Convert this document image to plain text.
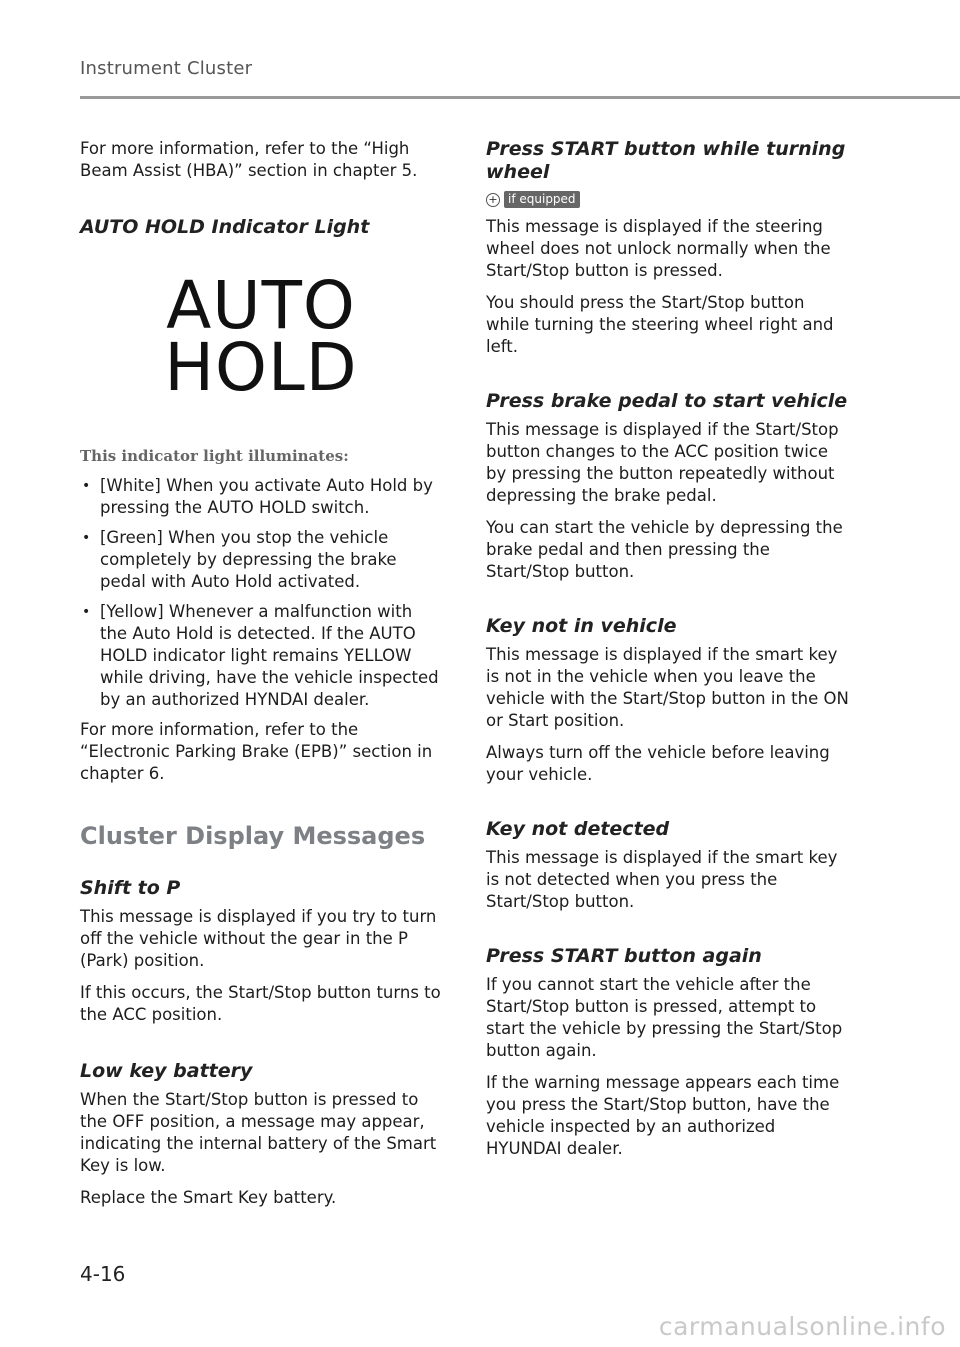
Instrument Cluster

For more information, refer to the “High Beam Assist (HBA)” section in chapter 5.

AUTO HOLD Indicator Light
AUTO
HOLD
This indicator light illuminates:
• [White] When you activate Auto Hold by pressing the AUTO HOLD switch.
• [Green] When you stop the vehicle completely by depressing the brake pedal with Auto Hold activated.
• [Yellow] Whenever a malfunction with the Auto Hold is detected. If the AUTO HOLD indicator light remains YELLOW while driving, have the vehicle inspected by an authorized HYNDAI dealer.

For more information, refer to the “Electronic Parking Brake (EPB)” section in chapter 6.

Cluster Display Messages
Shift to P

This message is displayed if you try to turn off the vehicle without the gear in the P (Park) position.

If this occurs, the Start/Stop button turns to the ACC position.

Low key battery

When the Start/Stop button is pressed to the OFF position, a message may appear, indicating the internal battery of the Smart Key is low.

Replace the Smart Key battery.

Press START button while turning wheel
+ if equipped

This message is displayed if the steering wheel does not unlock normally when the Start/Stop button is pressed.

You should press the Start/Stop button while turning the steering wheel right and left.

Press brake pedal to start vehicle

This message is displayed if the Start/Stop button changes to the ACC position twice by pressing the button repeatedly without depressing the brake pedal.

You can start the vehicle by depressing the brake pedal and then pressing the Start/Stop button.

Key not in vehicle

This message is displayed if the smart key is not in the vehicle when you leave the vehicle with the Start/Stop button in the ON or Start position.

Always turn off the vehicle before leaving your vehicle.

Key not detected

This message is displayed if the smart key is not detected when you press the Start/Stop button.

Press START button again

If you cannot start the vehicle after the Start/Stop button is pressed, attempt to start the vehicle by pressing the Start/Stop button again.

If the warning message appears each time you press the Start/Stop button, have the vehicle inspected by an authorized HYUNDAI dealer.

4-16
carmanualsonline.info
